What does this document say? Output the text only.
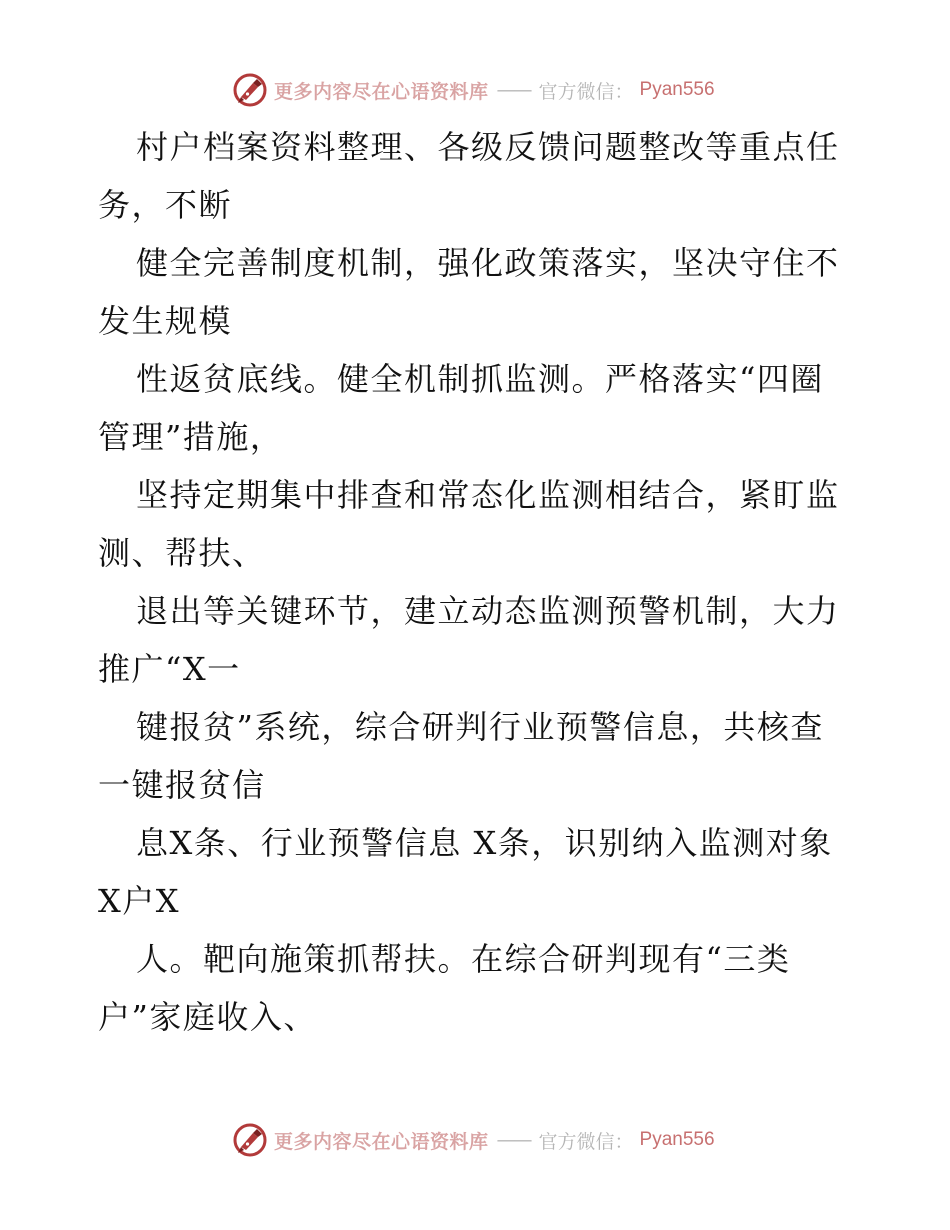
更多内容尽在心语资料库 —— 官方微信： Pyan556
村户档案资料整理、各级反馈问题整改等重点任
务，不断
健全完善制度机制，强化政策落实，坚决守住不
发生规模
性返贫底线。健全机制抓监测。严格落实“四圈
管理”措施，
坚持定期集中排查和常态化监测相结合，紧盯监
测、帮扶、
退出等关键环节，建立动态监测预警机制，大力
推广“X一
键报贫”系统，综合研判行业预警信息，共核查
一键报贫信
息X条、行业预警信息 X条，识别纳入监测对象
X户X
人。靶向施策抓帮扶。在综合研判现有“三类
户”家庭收入、
更多内容尽在心语资料库 —— 官方微信： Pyan556
